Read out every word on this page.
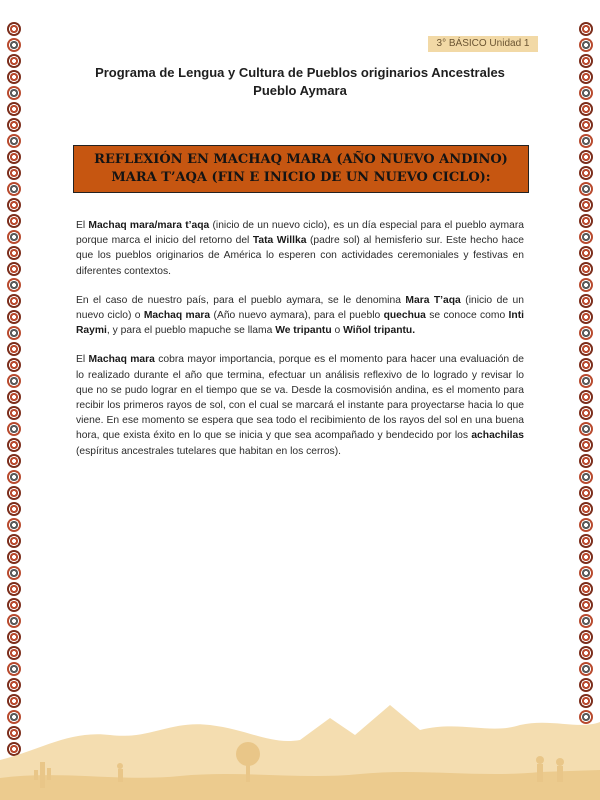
3° BÁSICO Unidad 1
Programa de Lengua y Cultura de Pueblos originarios Ancestrales
Pueblo Aymara
REFLEXIÓN EN MACHAQ MARA (AÑO NUEVO ANDINO)
MARA T’AQA (FIN E INICIO DE UN NUEVO CICLO):

El Machaq mara/mara t’aqa (inicio de un nuevo ciclo), es un día especial para el pueblo aymara porque marca el inicio del retorno del Tata Willka (padre sol) al hemisferio sur. Este hecho hace que los pueblos originarios de América lo esperen con actividades ceremoniales y festivas en diferentes contextos.

En el caso de nuestro país, para el pueblo aymara, se le denomina Mara T’aqa (inicio de un nuevo ciclo) o Machaq mara (Año nuevo aymara), para el pueblo quechua se conoce como Inti Raymi, y para el pueblo mapuche se llama We tripantu o Wiñol tripantu.

El Machaq mara cobra mayor importancia, porque es el momento para hacer una evaluación de lo realizado durante el año que termina, efectuar un análisis reflexivo de lo logrado y revisar lo que no se pudo lograr en el tiempo que se va. Desde la cosmovisión andina, es el momento para recibir los primeros rayos de sol, con el cual se marcará el instante para proyectarse hacia lo que viene. En ese momento se espera que sea todo el recibimiento de los rayos del sol en una buena hora, que exista éxito en lo que se inicia y que sea acompañado y bendecido por los achachilas (espíritus ancestrales tutelares que habitan en los cerros).
